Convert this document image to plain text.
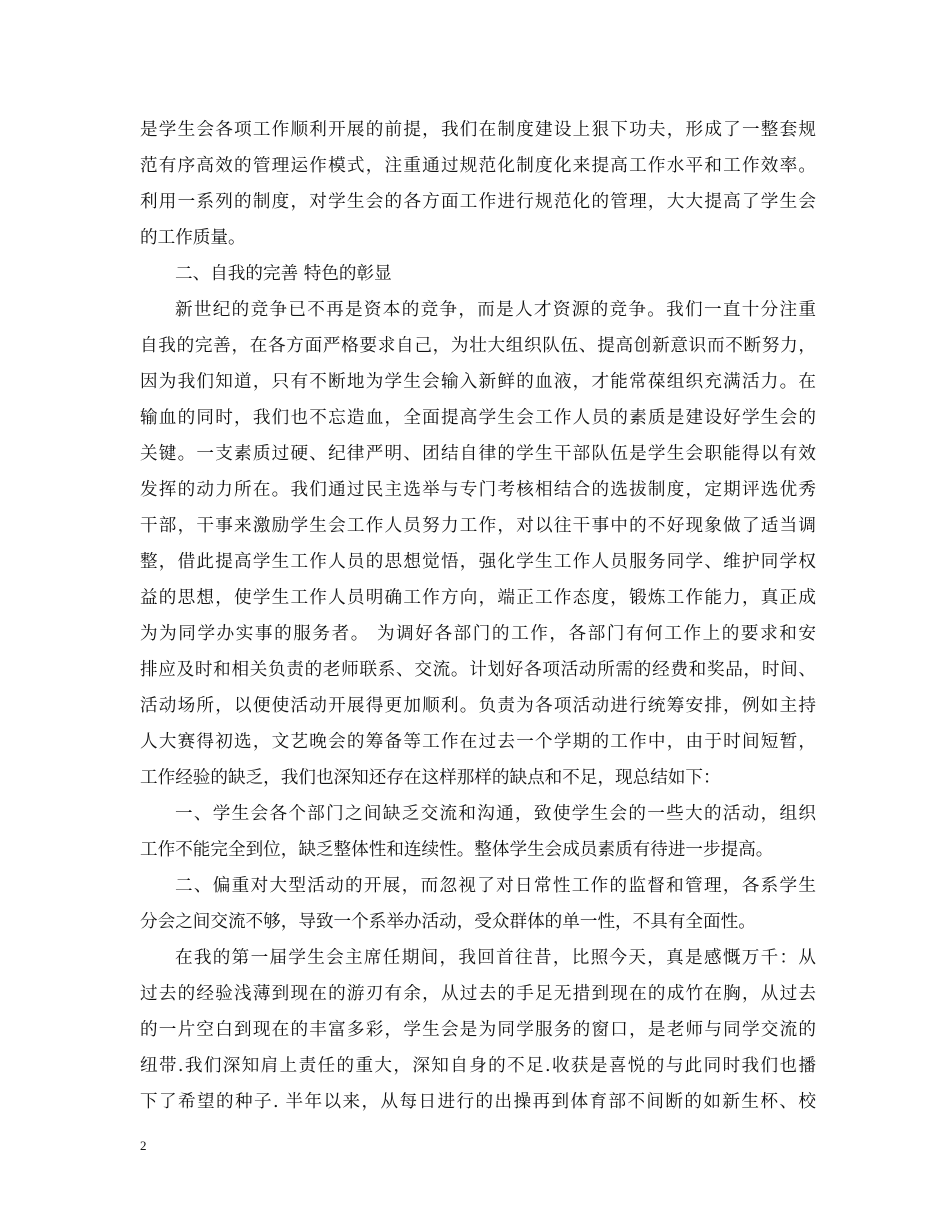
是学生会各项工作顺利开展的前提，我们在制度建设上狠下功夫，形成了一整套规
范有序高效的管理运作模式，注重通过规范化制度化来提高工作水平和工作效率。
利用一系列的制度，对学生会的各方面工作进行规范化的管理，大大提高了学生会
的工作质量。
二、自我的完善 特色的彰显
新世纪的竞争已不再是资本的竞争，而是人才资源的竞争。我们一直十分注重
自我的完善，在各方面严格要求自己，为壮大组织队伍、提高创新意识而不断努力，
因为我们知道，只有不断地为学生会输入新鲜的血液，才能常葆组织充满活力。在
输血的同时，我们也不忘造血，全面提高学生会工作人员的素质是建设好学生会的
关键。一支素质过硬、纪律严明、团结自律的学生干部队伍是学生会职能得以有效
发挥的动力所在。我们通过民主选举与专门考核相结合的选拔制度，定期评选优秀
干部，干事来激励学生会工作人员努力工作，对以往干事中的不好现象做了适当调
整，借此提高学生工作人员的思想觉悟，强化学生工作人员服务同学、维护同学权
益的思想，使学生工作人员明确工作方向，端正工作态度，锻炼工作能力，真正成
为为同学办实事的服务者。 为调好各部门的工作，各部门有何工作上的要求和安
排应及时和相关负责的老师联系、交流。计划好各项活动所需的经费和奖品，时间、
活动场所，以便使活动开展得更加顺利。负责为各项活动进行统筹安排，例如主持
人大赛得初选，文艺晚会的筹备等工作在过去一个学期的工作中，由于时间短暂，
工作经验的缺乏，我们也深知还存在这样那样的缺点和不足，现总结如下：
一、学生会各个部门之间缺乏交流和沟通，致使学生会的一些大的活动，组织
工作不能完全到位，缺乏整体性和连续性。整体学生会成员素质有待进一步提高。
二、偏重对大型活动的开展，而忽视了对日常性工作的监督和管理，各系学生
分会之间交流不够，导致一个系举办活动，受众群体的单一性，不具有全面性。
在我的第一届学生会主席任期间，我回首往昔，比照今天，真是感慨万千：从
过去的经验浅薄到现在的游刃有余，从过去的手足无措到现在的成竹在胸，从过去
的一片空白到现在的丰富多彩，学生会是为同学服务的窗口，是老师与同学交流的
纽带.我们深知肩上责任的重大，深知自身的不足.收获是喜悦的与此同时我们也播
下了希望的种子. 半年以来，从每日进行的出操再到体育部不间断的如新生杯、校
2
